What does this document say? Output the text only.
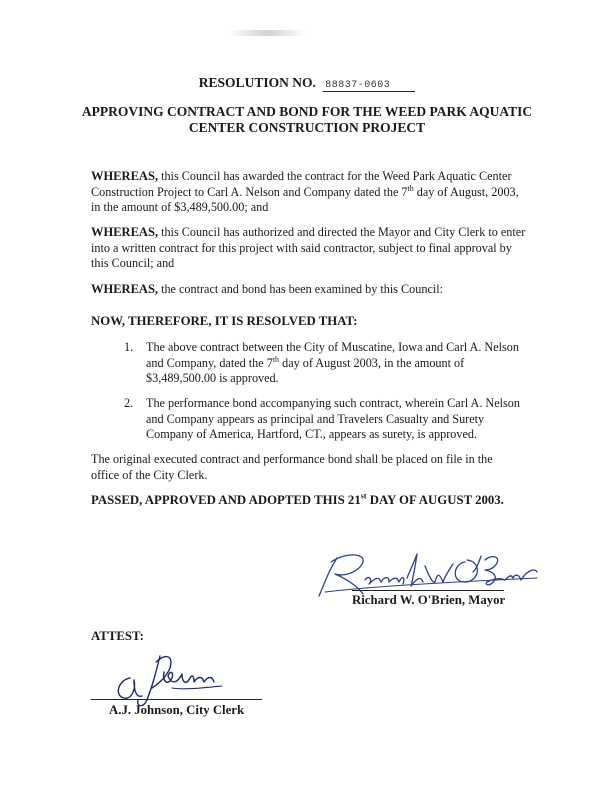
RESOLUTION NO. 88837-0603
APPROVING CONTRACT AND BOND FOR THE WEED PARK AQUATIC
CENTER CONSTRUCTION PROJECT
WHEREAS, this Council has awarded the contract for the Weed Park Aquatic Center
Construction Project to Carl A. Nelson and Company dated the 7th day of August, 2003,
in the amount of $3,489,500.00; and
WHEREAS, this Council has authorized and directed the Mayor and City Clerk to enter
into a written contract for this project with said contractor, subject to final approval by
this Council; and
WHEREAS, the contract and bond has been examined by this Council:
NOW, THEREFORE, IT IS RESOLVED THAT:
1. The above contract between the City of Muscatine, Iowa and Carl A. Nelson
and Company, dated the 7th day of August 2003, in the amount of
$3,489,500.00 is approved.
2. The performance bond accompanying such contract, wherein Carl A. Nelson
and Company appears as principal and Travelers Casualty and Surety
Company of America, Hartford, CT., appears as surety, is approved.
The original executed contract and performance bond shall be placed on file in the
office of the City Clerk.
PASSED, APPROVED AND ADOPTED THIS 21st DAY OF AUGUST 2003.
Richard W. O'Brien, Mayor
ATTEST:
A.J. Johnson, City Clerk
